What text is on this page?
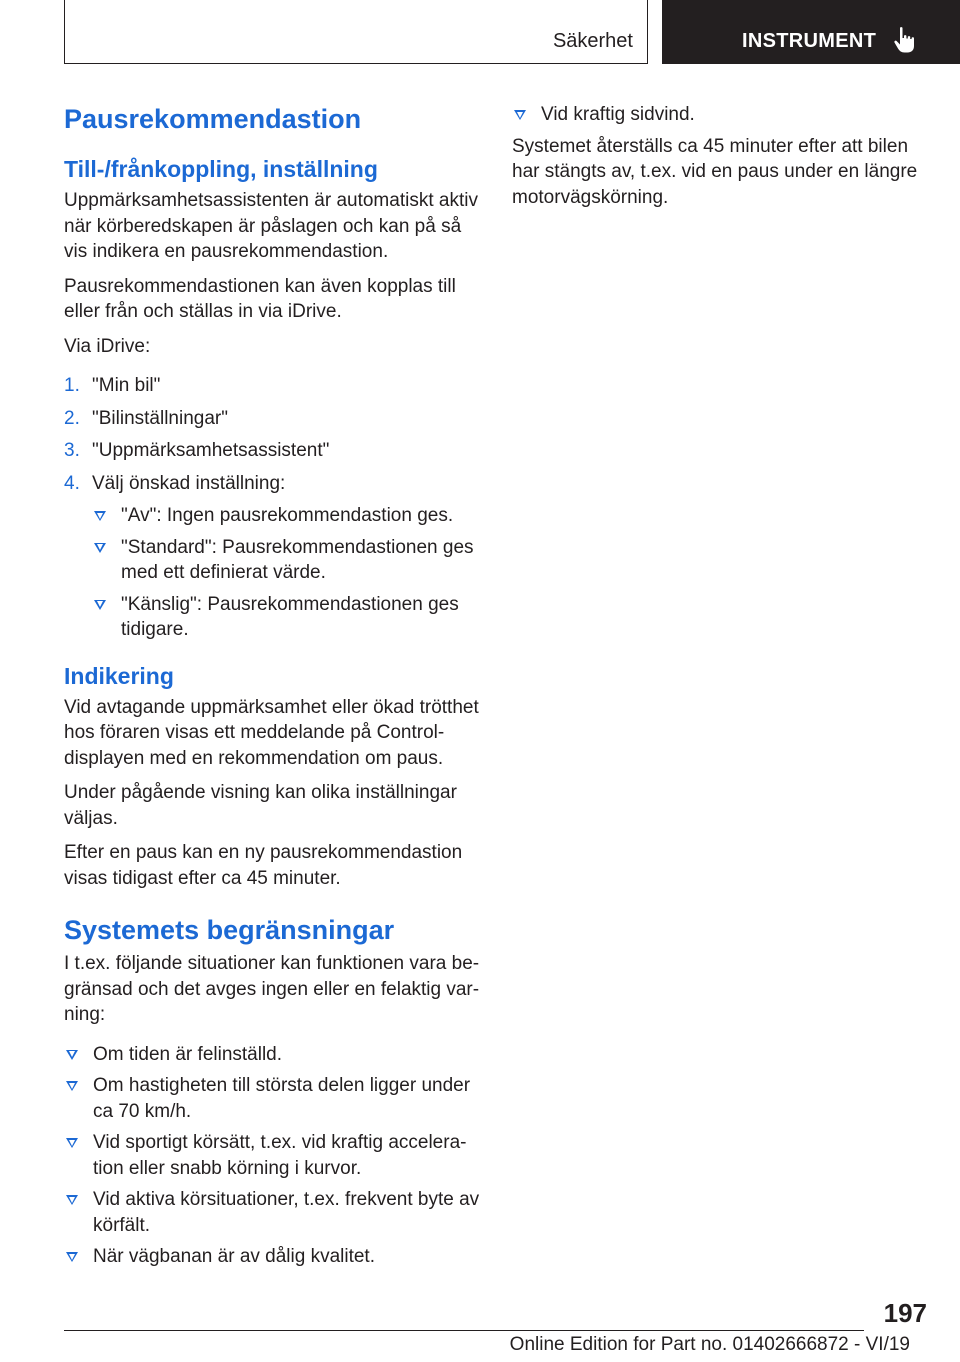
Säkerhet	INSTRUMENT
Pausrekommendastion
Till-/frånkoppling, inställning

Uppmärksamhetsassistenten är automatiskt aktiv när körberedskapen är påslagen och kan på så vis indikera en pausrekommendastion.

Pausrekommendastionen kan även kopplas till eller från och ställas in via iDrive.

Via iDrive:

1. "Min bil"
2. "Bilinställningar"
3. "Uppmärksamhetsassistent"
4. Välj önskad inställning:
"Av": Ingen pausrekommendastion ges.
"Standard": Pausrekommendastionen ges med ett definierat värde.
"Känslig": Pausrekommendastionen ges tidigare.
Indikering

Vid avtagande uppmärksamhet eller ökad trötthet hos föraren visas ett meddelande på Control-displayen med en rekommendation om paus.

Under pågående visning kan olika inställningar väljas.

Efter en paus kan en ny pausrekommendastion visas tidigast efter ca 45 minuter.

Systemets begränsningar

I t.ex. följande situationer kan funktionen vara begränsad och det avges ingen eller en felaktig varning:

Om tiden är felinställd.
Om hastigheten till största delen ligger under ca 70 km/h.
Vid sportigt körsätt, t.ex. vid kraftig acceleration eller snabb körning i kurvor.
Vid aktiva körsituationer, t.ex. frekvent byte av körfält.
När vägbanan är av dålig kvalitet.
Vid kraftig sidvind.

Systemet återställs ca 45 minuter efter att bilen har stängts av, t.ex. vid en paus under en längre motorvägskörning.

197
Online Edition for Part no. 01402666872 - VI/19
